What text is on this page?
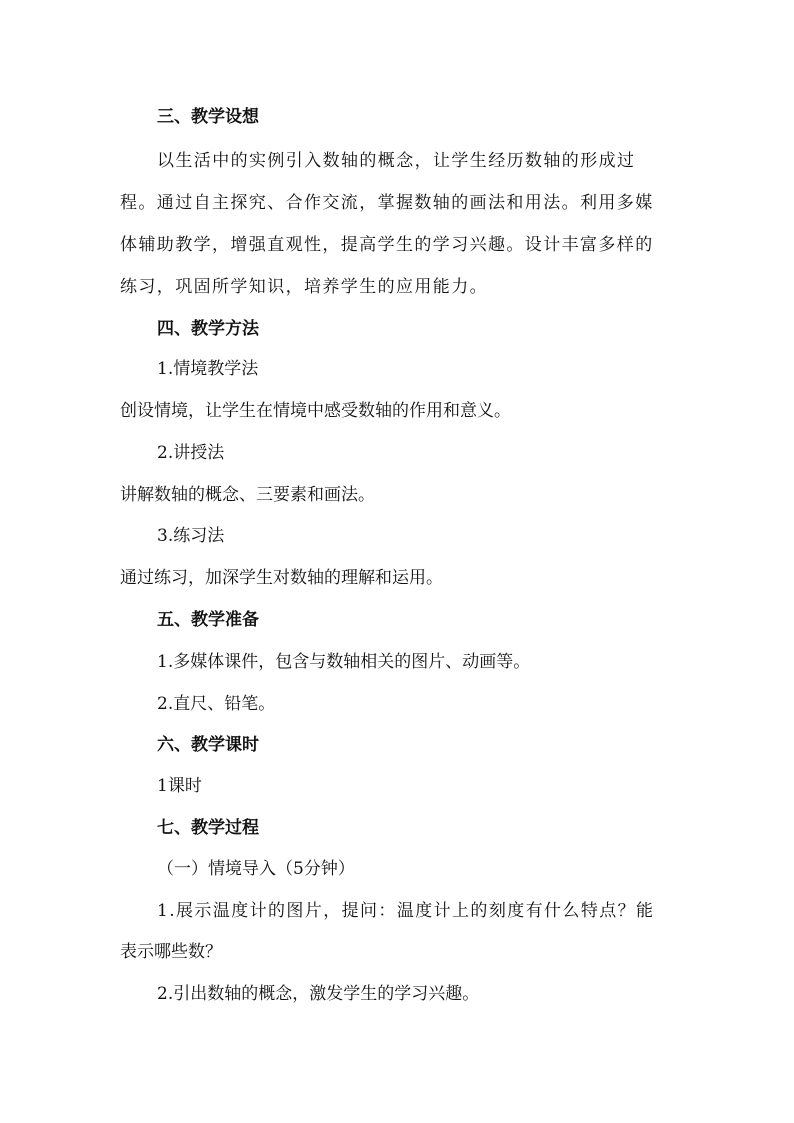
三、教学设想
以生活中的实例引入数轴的概念，让学生经历数轴的形成过
程。通过自主探究、合作交流，掌握数轴的画法和用法。利用多媒
体辅助教学，增强直观性，提高学生的学习兴趣。设计丰富多样的
练习，巩固所学知识，培养学生的应用能力。
四、教学方法
1.情境教学法
创设情境，让学生在情境中感受数轴的作用和意义。
2.讲授法
讲解数轴的概念、三要素和画法。
3.练习法
通过练习，加深学生对数轴的理解和运用。
五、教学准备
1.多媒体课件，包含与数轴相关的图片、动画等。
2.直尺、铅笔。
六、教学课时
1课时
七、教学过程
（一）情境导入（5分钟）
1.展示温度计的图片，提问：温度计上的刻度有什么特点？能
表示哪些数？
2.引出数轴的概念，激发学生的学习兴趣。
